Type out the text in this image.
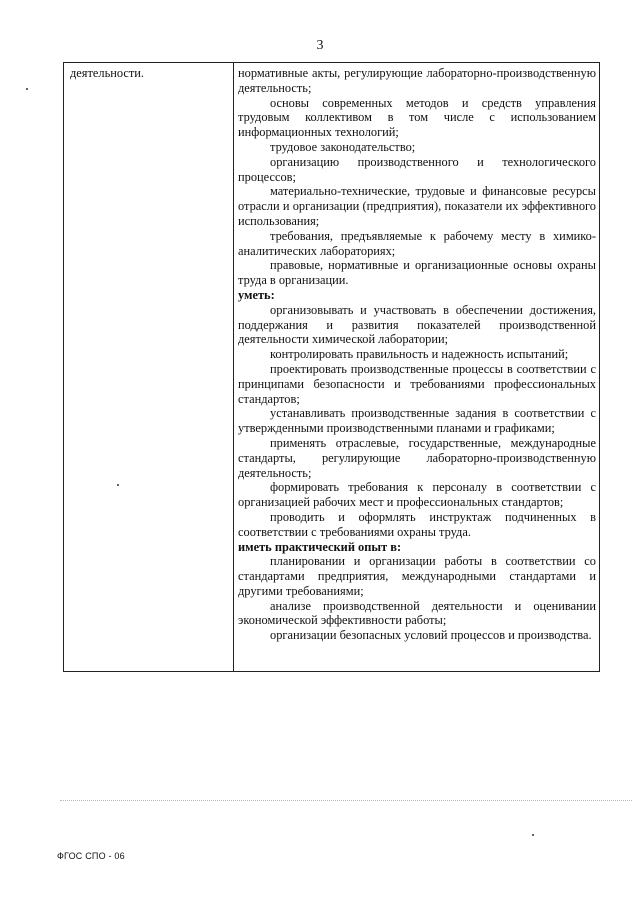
3
деятельности.	нормативные акты, регулирующие лабораторно-производственную деятельность;

основы современных методов и средств управления трудовым коллективом в том числе с использованием информационных технологий;

трудовое законодательство;

организацию производственного и технологического процессов;

материально-технические, трудовые и финансовые ресурсы отрасли и организации (предприятия), показатели их эффективного использования;

требования, предъявляемые к рабочему месту в химико-аналитических лабораториях;

правовые, нормативные и организационные основы охраны труда в организации.

уметь:

организовывать и участвовать в обеспечении достижения, поддержания и развития показателей производственной деятельности химической лаборатории;

контролировать правильность и надежность испытаний;

проектировать производственные процессы в соответствии с принципами безопасности и требованиями профессиональных стандартов;

устанавливать производственные задания в соответствии с утвержденными производственными планами и графиками;

применять отраслевые, государственные, международные стандарты, регулирующие лабораторно-производственную деятельность;

формировать требования к персоналу в соответствии с организацией рабочих мест и профессиональных стандартов;

проводить и оформлять инструктаж подчиненных в соответствии с требованиями охраны труда.

иметь практический опыт в:

планировании и организации работы в соответствии со стандартами предприятия, международными стандартами и другими требованиями;

анализе производственной деятельности и оценивании экономической эффективности работы;

организации безопасных условий процессов и производства.

ФГОС СПО - 06
